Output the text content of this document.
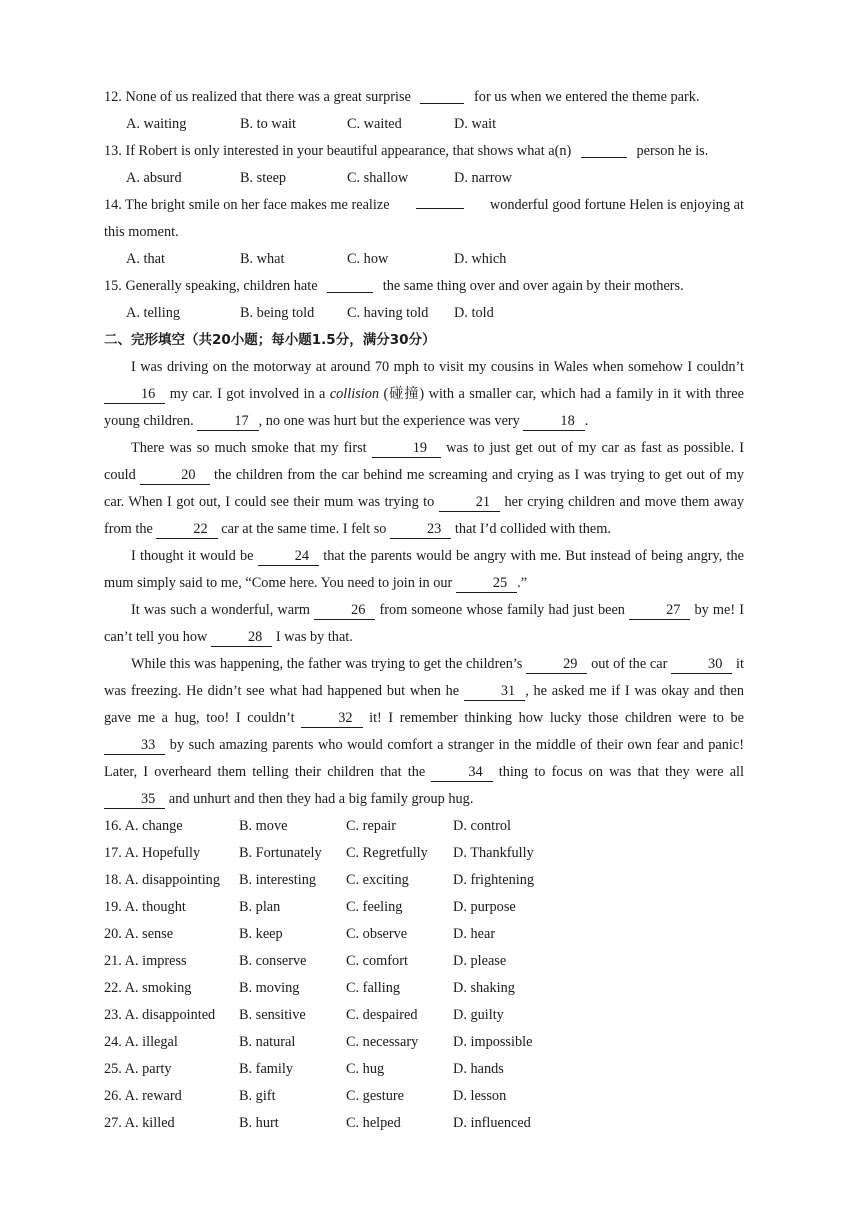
12. None of us realized that there was a great surprise	for us when we entered the theme park.
A. waiting	B. to wait	C. waited	D. wait
13. If Robert is only interested in your beautiful appearance, that shows what a(n)	person he is.
A. absurd	B. steep	C. shallow	D. narrow
14. The bright smile on her face makes me realize	wonderful good fortune Helen is enjoying at
this moment.
A. that	B. what	C. how	D. which
15. Generally speaking, children hate	the same thing over and over again by their mothers.
A. telling	B. being told C. having told D. told
二、完形填空（共20小题；每小题1.5分，满分30分）
I was driving on the motorway at around 70 mph to visit my cousins in Wales when somehow I couldn’t 16 my car. I got involved in a collision (碰撞) with a smaller car, which had a family in it with three young children.	17 , no one was hurt but the experience was very	18 .
There was so much smoke that my first	19 was to just get out of my car as fast as possible. I could	20 the children from the car behind me screaming and crying as I was trying to get out of my car. When I got out, I could see their mum was trying to	21 her crying children and move them away from the	22 car at the same time. I felt so	23 that I’d collided with them.
I thought it would be	24 that the parents would be angry with me. But instead of being angry, the mum simply said to me, “Come here. You need to join in our	25 .”
It was such a wonderful, warm	26 from someone whose family had just been	27 by me! I can’t tell you how	28 I was by that.
While this was happening, the father was trying to get the children’s	29 out of the car	30 it was freezing. He didn’t see what had happened but when he	31 , he asked me if I was okay and then gave me a hug, too! I couldn’t	32 it! I remember thinking how lucky those children were to be 33 by such amazing parents who would comfort a stranger in the middle of their own fear and panic! Later, I overheard them telling their children that the	34 thing to focus on was that they were all 35 and unhurt and then they had a big family group hug.
16. A. change	B. move	C. repair	D. control
17. A. Hopefully	B. Fortunately C. Regretfully D. Thankfully
18. A. disappointing B. interesting C. exciting	D. frightening
19. A. thought	B. plan	C. feeling	D. purpose
20. A. sense	B. keep	C. observe	D. hear
21. A. impress	B. conserve	C. comfort	D. please
22. A. smoking	B. moving	C. falling	D. shaking
23. A. disappointed B. sensitive	C. despaired D. guilty
24. A. illegal	B. natural	C. necessary D. impossible
25. A. party	B. family	C. hug	D. hands
26. A. reward	B. gift	C. gesture	D. lesson
27. A. killed	B. hurt	C. helped	D. influenced
